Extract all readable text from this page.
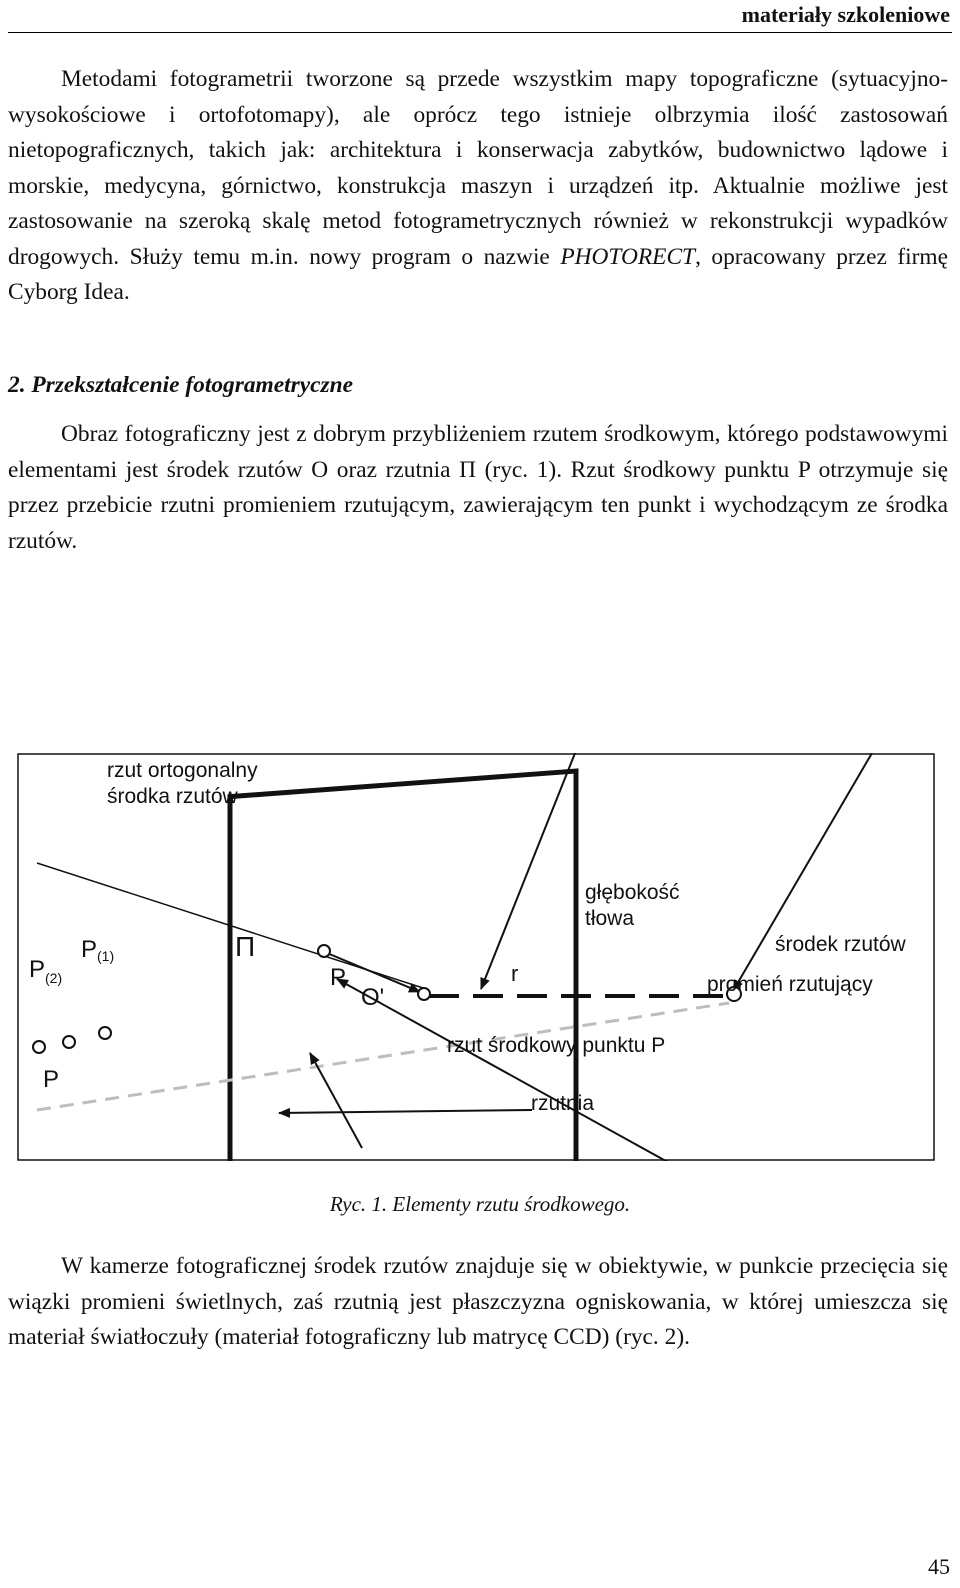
materiały szkoleniowe

Metodami fotogrametrii tworzone są przede wszystkim mapy topograficzne (sytuacyjno-wysokościowe i ortofotomapy), ale oprócz tego istnieje olbrzymia ilość zastosowań nietopograficznych, takich jak: architektura i konserwacja zabytków, budownictwo lądowe i morskie, medycyna, górnictwo, konstrukcja maszyn i urządzeń itp. Aktualnie możliwe jest zastosowanie na szeroką skalę metod fotogrametrycznych również w rekonstrukcji wypadków drogowych. Służy temu m.in. nowy program o nazwie PHOTORECT, opracowany przez firmę Cyborg Idea.

2. Przekształcenie fotogrametryczne

Obraz fotograficzny jest z dobrym przybliżeniem rzutem środkowym, którego podstawowymi elementami jest środek rzutów O oraz rzutnia Π (ryc. 1). Rzut środkowy punktu P otrzymuje się przez przebicie rzutni promieniem rzutującym, zawierającym ten punkt i wychodzącym ze środka rzutów.

rzut ortogonalny
środka rzutów
głębokość
tłowa
środek rzutów
Π
r
O'
$P_{(2)}$
P(1)
P
P
promień rzutujący
rzut środkowy punktu P
rzutnia
Ryc. 1. Elementy rzutu środkowego.

W kamerze fotograficznej środek rzutów znajduje się w obiektywie, w punkcie przecięcia się wiązki promieni świetlnych, zaś rzutnią jest płaszczyzna ogniskowania, w której umieszcza się materiał światłoczuły (materiał fotograficzny lub matrycę CCD) (ryc. 2).

45
